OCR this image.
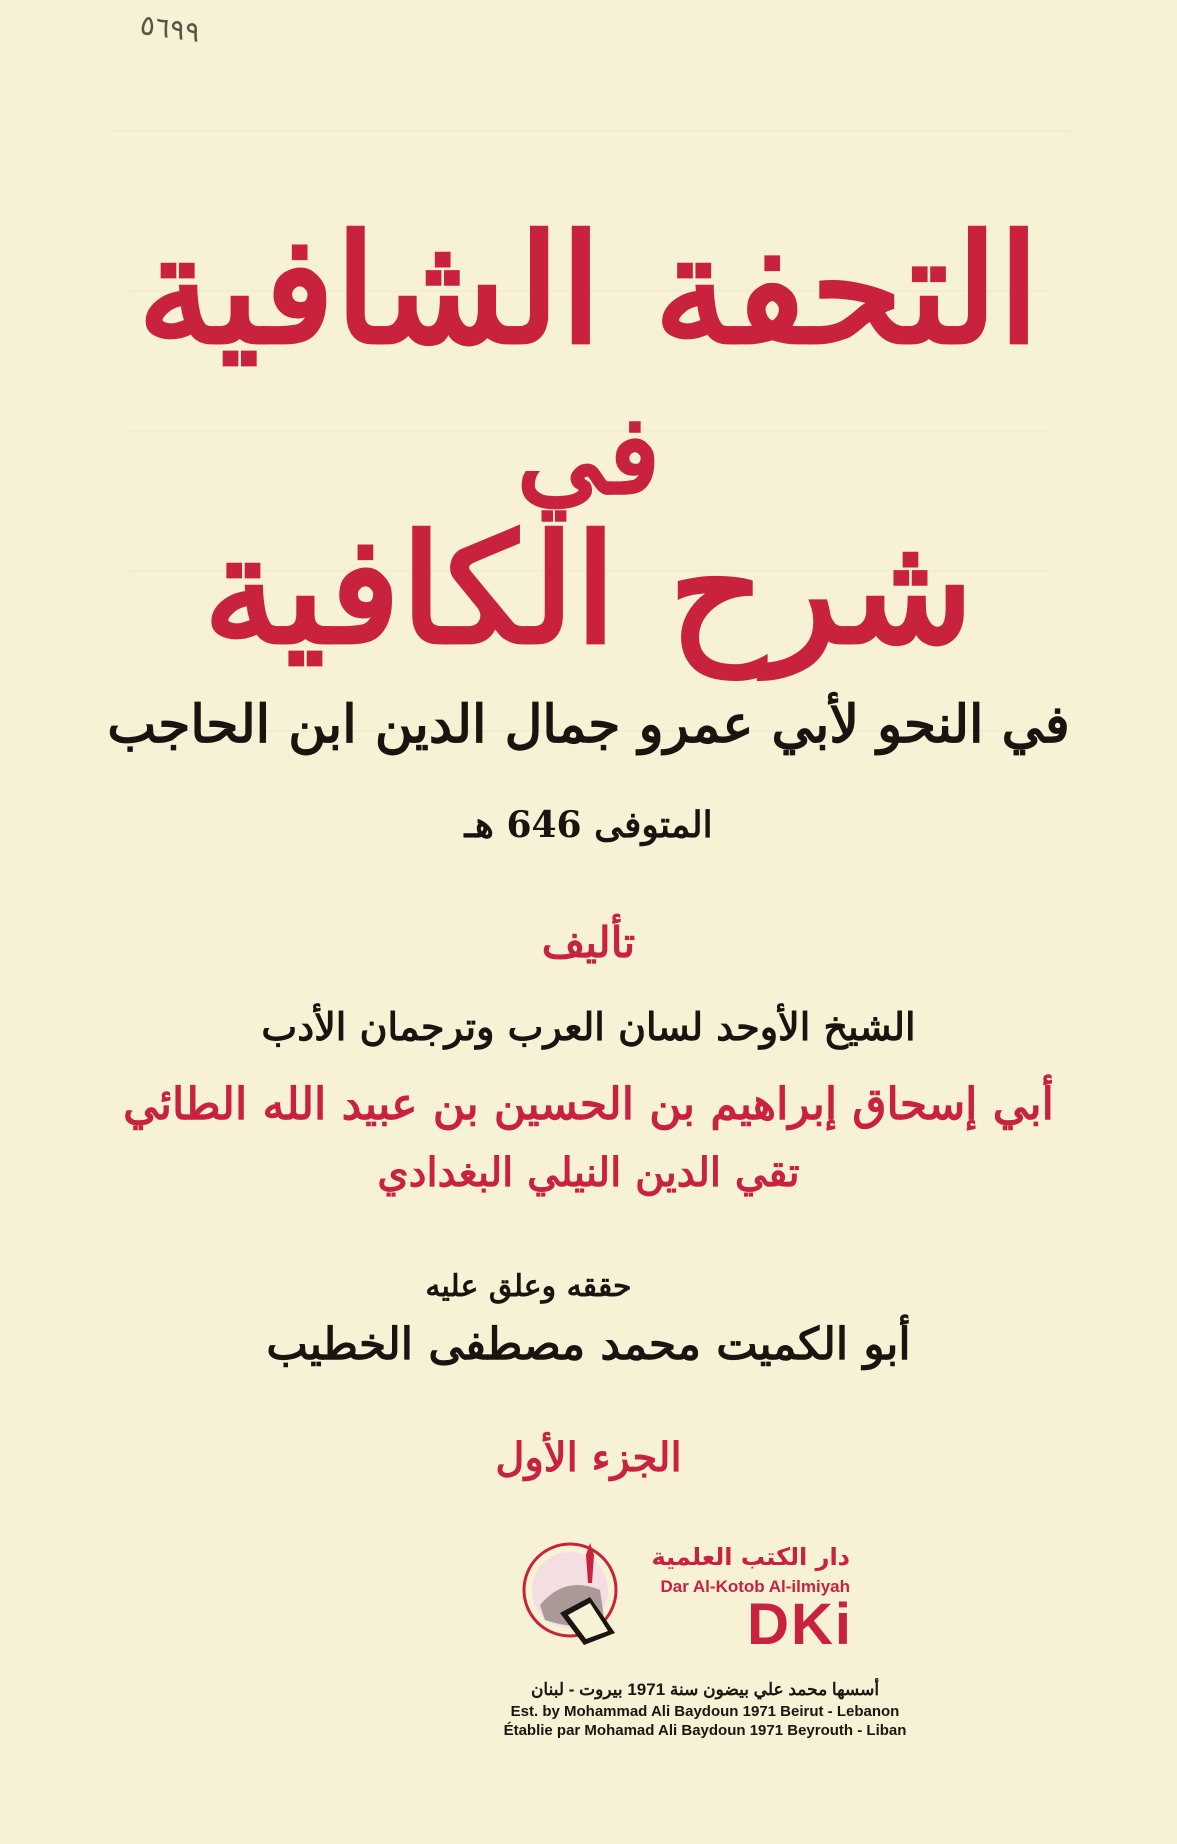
٥٦٩٩
التحفة الشافية
في
شرح الكافية
في النحو لأبي عمرو جمال الدين ابن الحاجب
المتوفى 646 هـ
تأليف
الشيخ الأوحد لسان العرب وترجمان الأدب
أبي إسحاق إبراهيم بن الحسين بن عبيد الله الطائي
تقي الدين النيلي البغدادي
حققه وعلق عليه
أبو الكميت محمد مصطفى الخطيب
الجزء الأول
دار الكتب العلمية
Dar Al-Kotob Al-ilmiyah
DKi
أسسها محمد علي بيضون سنة 1971 بيروت - لبنان
Est. by Mohammad Ali Baydoun 1971 Beirut - Lebanon
Établie par Mohamad Ali Baydoun 1971 Beyrouth - Liban
